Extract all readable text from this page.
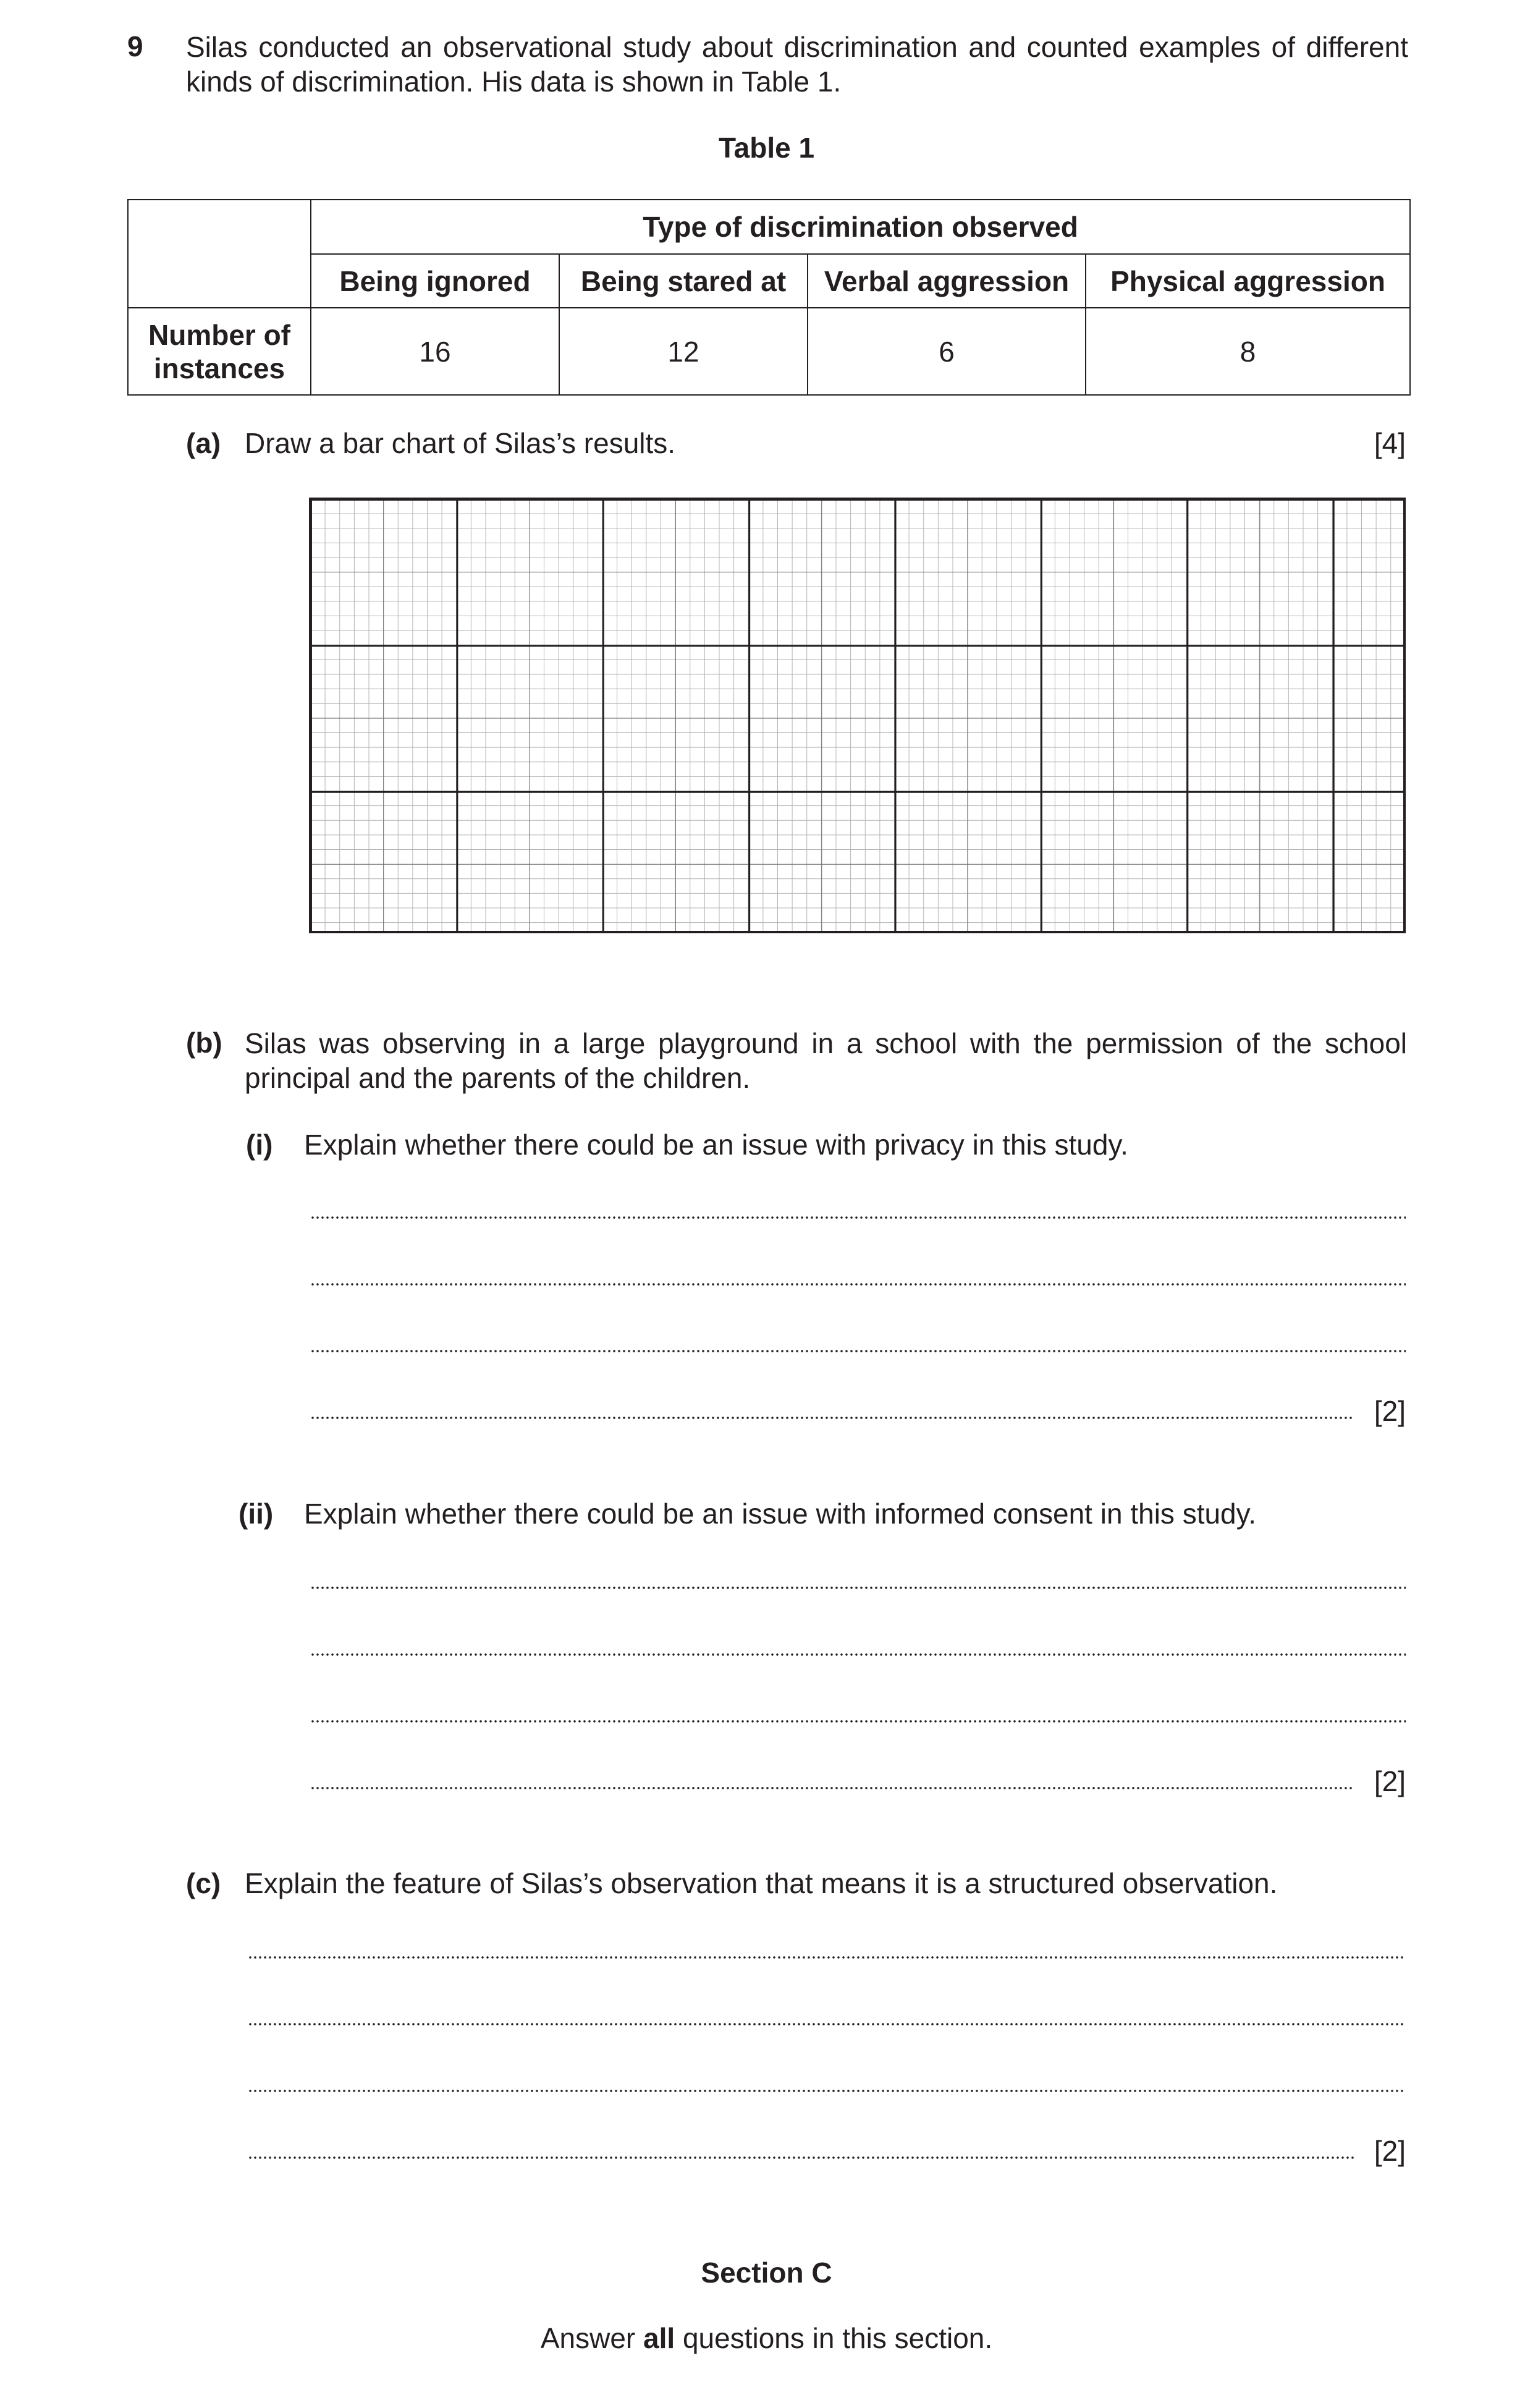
9 Silas conducted an observational study about discrimination and counted examples of different kinds of discrimination. His data is shown in Table 1.
Table 1
	Type of discrimination observed			
	Being ignored	Being stared at	Verbal aggression	Physical aggression
Number of instances	16	12	6	8
(a) Draw a bar chart of Silas’s results.	[4]
(b) Silas was observing in a large playground in a school with the permission of the school principal and the parents of the children.
(i) Explain whether there could be an issue with privacy in this study.
[2]
(ii) Explain whether there could be an issue with informed consent in this study.
[2]
(c) Explain the feature of Silas’s observation that means it is a structured observation.
[2]
Section C
Answer all questions in this section.
